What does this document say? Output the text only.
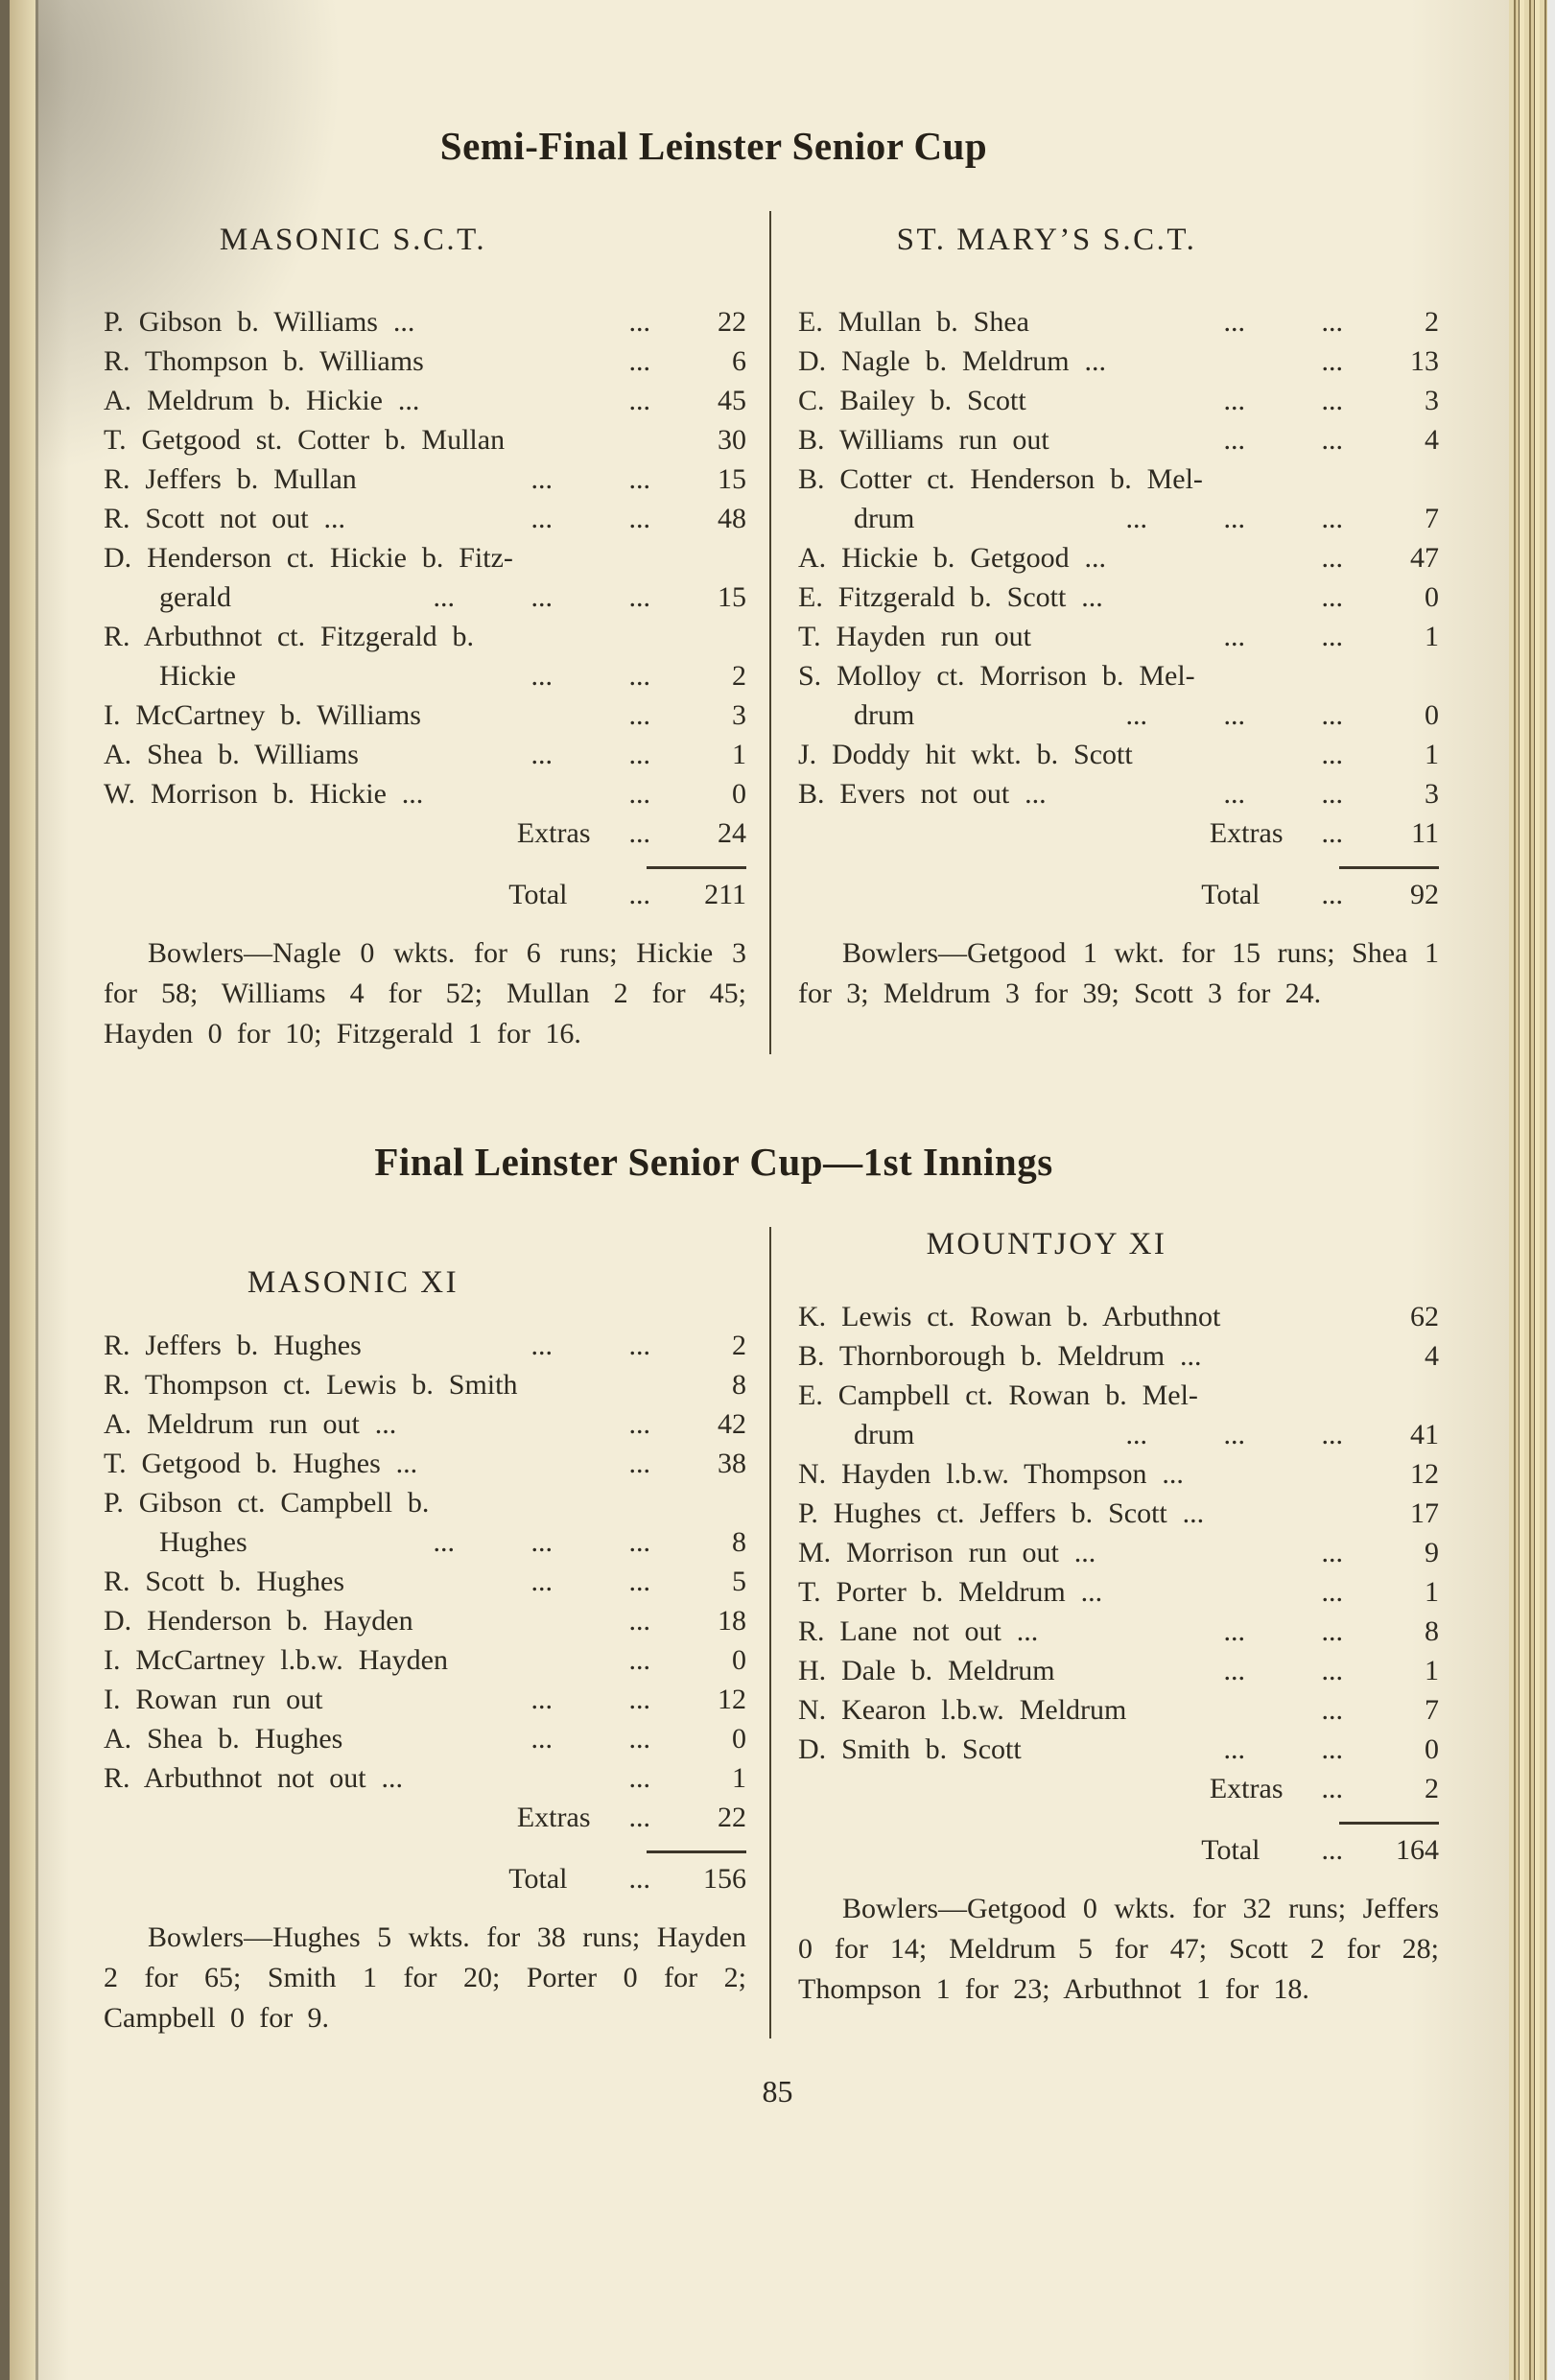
Semi-Final Leinster Senior Cup
MASONIC S.C.T.
P. Gibson b. Williams ...	...	22
R. Thompson b. Williams	...	6
A. Meldrum b. Hickie ...	...	45
T. Getgood st. Cotter b. Mullan	30
R. Jeffers b. Mullan	...     ...	15
R. Scott not out ...	...     ...	48
D. Henderson ct. Hickie b. Fitz-
gerald	...     ...     ...	15
R. Arbuthnot ct. Fitzgerald b.
Hickie	...     ...	2
I. McCartney b. Williams	...	3
A. Shea b. Williams	...     ...	1
W. Morrison b. Hickie ...	...	0
Extras ...	24
Total ...	211

Bowlers—Nagle 0 wkts. for 6 runs; Hickie 3 for 58; Williams 4 for 52; Mullan 2 for 45; Hayden 0 for 10; Fitzgerald 1 for 16.

ST. MARY’S S.C.T.
E. Mullan b. Shea	...     ...	2
D. Nagle b. Meldrum ...	...	13
C. Bailey b. Scott	...     ...	3
B. Williams run out	...     ...	4
B. Cotter ct. Henderson b. Mel-
drum	...     ...     ...	7
A. Hickie b. Getgood ...	...	47
E. Fitzgerald b. Scott ...	...	0
T. Hayden run out	...     ...	1
S. Molloy ct. Morrison b. Mel-
drum	...     ...     ...	0
J. Doddy hit wkt. b. Scott	...	1
B. Evers not out ...	...     ...	3
Extras ...	11
Total ...	92

Bowlers—Getgood 1 wkt. for 15 runs; Shea 1 for 3; Meldrum 3 for 39; Scott 3 for 24.

Final Leinster Senior Cup—1st Innings
MASONIC XI
R. Jeffers b. Hughes	...     ...	2
R. Thompson ct. Lewis b. Smith	8
A. Meldrum run out ...	...	42
T. Getgood b. Hughes ...	...	38
P. Gibson ct. Campbell b.
Hughes	...     ...     ...	8
R. Scott b. Hughes	...     ...	5
D. Henderson b. Hayden	...	18
I. McCartney l.b.w. Hayden	...	0
I. Rowan run out	...     ...	12
A. Shea b. Hughes	...     ...	0
R. Arbuthnot not out ...	...	1
Extras ...	22
Total ...	156

Bowlers—Hughes 5 wkts. for 38 runs; Hayden 2 for 65; Smith 1 for 20; Porter 0 for 2; Campbell 0 for 9.

MOUNTJOY XI
K. Lewis ct. Rowan b. Arbuthnot	62
B. Thornborough b. Meldrum ...	4
E. Campbell ct. Rowan b. Mel-
drum	...     ...     ...	41
N. Hayden l.b.w. Thompson ...	12
P. Hughes ct. Jeffers b. Scott ...	17
M. Morrison run out ...	...	9
T. Porter b. Meldrum ...	...	1
R. Lane not out ...	...     ...	8
H. Dale b. Meldrum	...     ...	1
N. Kearon l.b.w. Meldrum	...	7
D. Smith b. Scott	...     ...	0
Extras ...	2
Total ...	164

Bowlers—Getgood 0 wkts. for 32 runs; Jeffers 0 for 14; Meldrum 5 for 47; Scott 2 for 28; Thompson 1 for 23; Arbuthnot 1 for 18.

85
